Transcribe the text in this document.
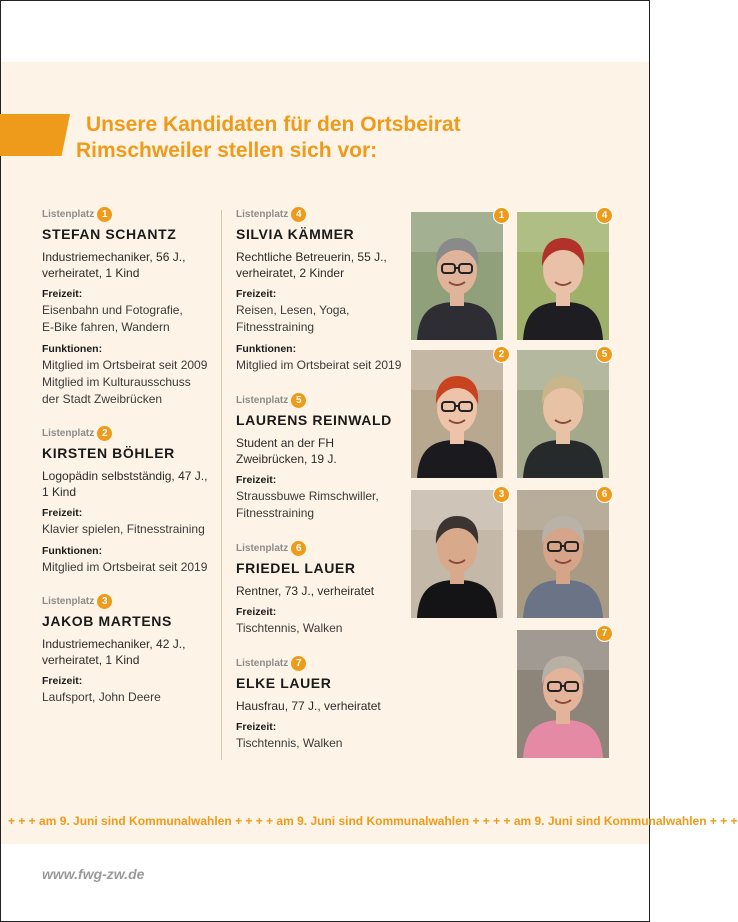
Unsere Kandidaten für den Ortsbeirat
Rimschweiler stellen sich vor:
Listenplatz 1
STEFAN SCHANTZ
Industriemechaniker, 56 J.,
verheiratet, 1 Kind
Freizeit:
Eisenbahn und Fotografie,
E-Bike fahren, Wandern
Funktionen:
Mitglied im Ortsbeirat seit 2009
Mitglied im Kulturausschuss
der Stadt Zweibrücken
Listenplatz 2
KIRSTEN BÖHLER
Logopädin selbstständig, 47 J.,
1 Kind
Freizeit:
Klavier spielen, Fitnesstraining
Funktionen:
Mitglied im Ortsbeirat seit 2019
Listenplatz 3
JAKOB MARTENS
Industriemechaniker, 42 J.,
verheiratet, 1 Kind
Freizeit:
Laufsport, John Deere
Listenplatz 4
SILVIA KÄMMER
Rechtliche Betreuerin, 55 J.,
verheiratet, 2 Kinder
Freizeit:
Reisen, Lesen, Yoga,
Fitnesstraining
Funktionen:
Mitglied im Ortsbeirat seit 2019
Listenplatz 5
LAURENS REINWALD
Student an der FH
Zweibrücken, 19 J.
Freizeit:
Straussbuwe Rimschwiller,
Fitnesstraining
Listenplatz 6
FRIEDEL LAUER
Rentner, 73 J., verheiratet
Freizeit:
Tischtennis, Walken
Listenplatz 7
ELKE LAUER
Hausfrau, 77 J., verheiratet
Freizeit:
Tischtennis, Walken
1	4
2	5
3	6
7
+ + + am 9. Juni sind Kommunalwahlen + + + + am 9. Juni sind Kommunalwahlen + + + + am 9. Juni sind Kommunalwahlen + + +
www.fwg-zw.de
